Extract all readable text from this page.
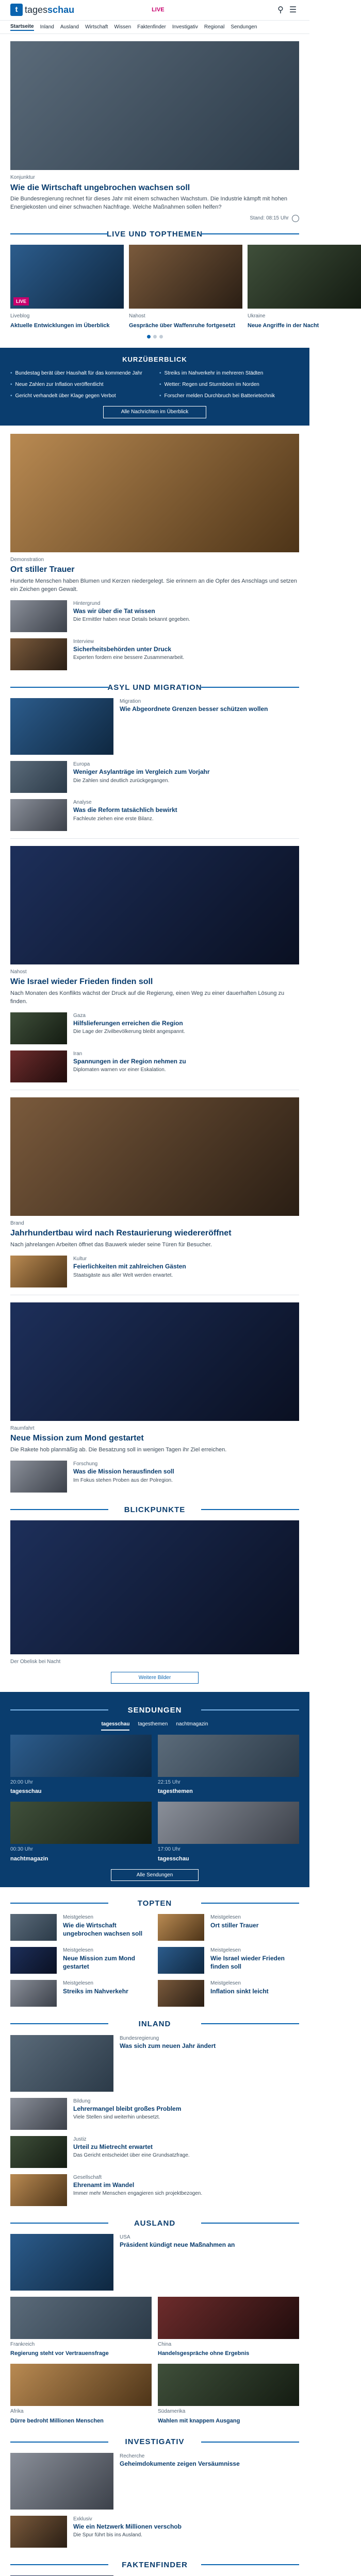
t tagesschau	LIVE	⚲ ☰
Startseite Inland Ausland Wirtschaft Wissen Faktenfinder Investigativ Regional Sendungen
Konjunktur
Wie die Wirtschaft ungebrochen wachsen soll
Die Bundesregierung rechnet für dieses Jahr mit einem schwachen Wachstum. Die Industrie kämpft mit hohen Energiekosten und einer schwachen Nachfrage. Welche Maßnahmen sollen helfen?
Stand: 08:15 Uhr
LIVE UND TOPTHEMEN
LIVE
Liveblog
Aktuelle Entwicklungen im Überblick
Nahost
Gespräche über Waffenruhe fortgesetzt
Ukraine
Neue Angriffe in der Nacht
KURZÜBERBLICK
• Bundestag berät über Haushalt für das kommende Jahr	• Streiks im Nahverkehr in mehreren Städten
• Neue Zahlen zur Inflation veröffentlicht	• Wetter: Regen und Sturmböen im Norden
• Gericht verhandelt über Klage gegen Verbot	• Forscher melden Durchbruch bei Batterietechnik
Alle Nachrichten im Überblick
Demonstration
Ort stiller Trauer
Hunderte Menschen haben Blumen und Kerzen niedergelegt. Sie erinnern an die Opfer des Anschlags und setzen ein Zeichen gegen Gewalt.
Hintergrund
Was wir über die Tat wissen
Die Ermittler haben neue Details bekannt gegeben.
Interview
Sicherheitsbehörden unter Druck
Experten fordern eine bessere Zusammenarbeit.
ASYL UND MIGRATION
Migration
Wie Abgeordnete Grenzen besser schützen wollen
Europa
Weniger Asylanträge im Vergleich zum Vorjahr
Die Zahlen sind deutlich zurückgegangen.
Analyse
Was die Reform tatsächlich bewirkt
Fachleute ziehen eine erste Bilanz.
Nahost
Wie Israel wieder Frieden finden soll
Nach Monaten des Konflikts wächst der Druck auf die Regierung, einen Weg zu einer dauerhaften Lösung zu finden.
Gaza
Hilfslieferungen erreichen die Region
Die Lage der Zivilbevölkerung bleibt angespannt.
Iran
Spannungen in der Region nehmen zu
Diplomaten warnen vor einer Eskalation.
Brand
Jahrhundertbau wird nach Restaurierung wiedereröffnet
Nach jahrelangen Arbeiten öffnet das Bauwerk wieder seine Türen für Besucher.
Kultur
Feierlichkeiten mit zahlreichen Gästen
Staatsgäste aus aller Welt werden erwartet.
Raumfahrt
Neue Mission zum Mond gestartet
Die Rakete hob planmäßig ab. Die Besatzung soll in wenigen Tagen ihr Ziel erreichen.
Forschung
Was die Mission herausfinden soll
Im Fokus stehen Proben aus der Polregion.
BLICKPUNKTE
Der Obelisk bei Nacht
Weitere Bilder
SENDUNGEN
tagesschau tagesthemen nachtmagazin
20:00 Uhr
tagesschau
22:15 Uhr
tagesthemen
00:30 Uhr
nachtmagazin
17:00 Uhr
tagesschau
Alle Sendungen
TOPTEN
Meistgelesen
Wie die Wirtschaft ungebrochen wachsen soll
Meistgelesen
Ort stiller Trauer
Meistgelesen
Neue Mission zum Mond gestartet
Meistgelesen
Wie Israel wieder Frieden finden soll
Meistgelesen
Streiks im Nahverkehr
Meistgelesen
Inflation sinkt leicht
INLAND
Bundesregierung
Was sich zum neuen Jahr ändert
Bildung
Lehrermangel bleibt großes Problem
Viele Stellen sind weiterhin unbesetzt.
Justiz
Urteil zu Mietrecht erwartet
Das Gericht entscheidet über eine Grundsatzfrage.
Gesellschaft
Ehrenamt im Wandel
Immer mehr Menschen engagieren sich projektbezogen.
AUSLAND
USA
Präsident kündigt neue Maßnahmen an
Frankreich
Regierung steht vor Vertrauensfrage
China
Handelsgespräche ohne Ergebnis
Afrika
Dürre bedroht Millionen Menschen
Südamerika
Wahlen mit knappem Ausgang
INVESTIGATIV
Recherche
Geheimdokumente zeigen Versäumnisse
Exklusiv
Wie ein Netzwerk Millionen verschob
Die Spur führt bis ins Ausland.
FAKTENFINDER
